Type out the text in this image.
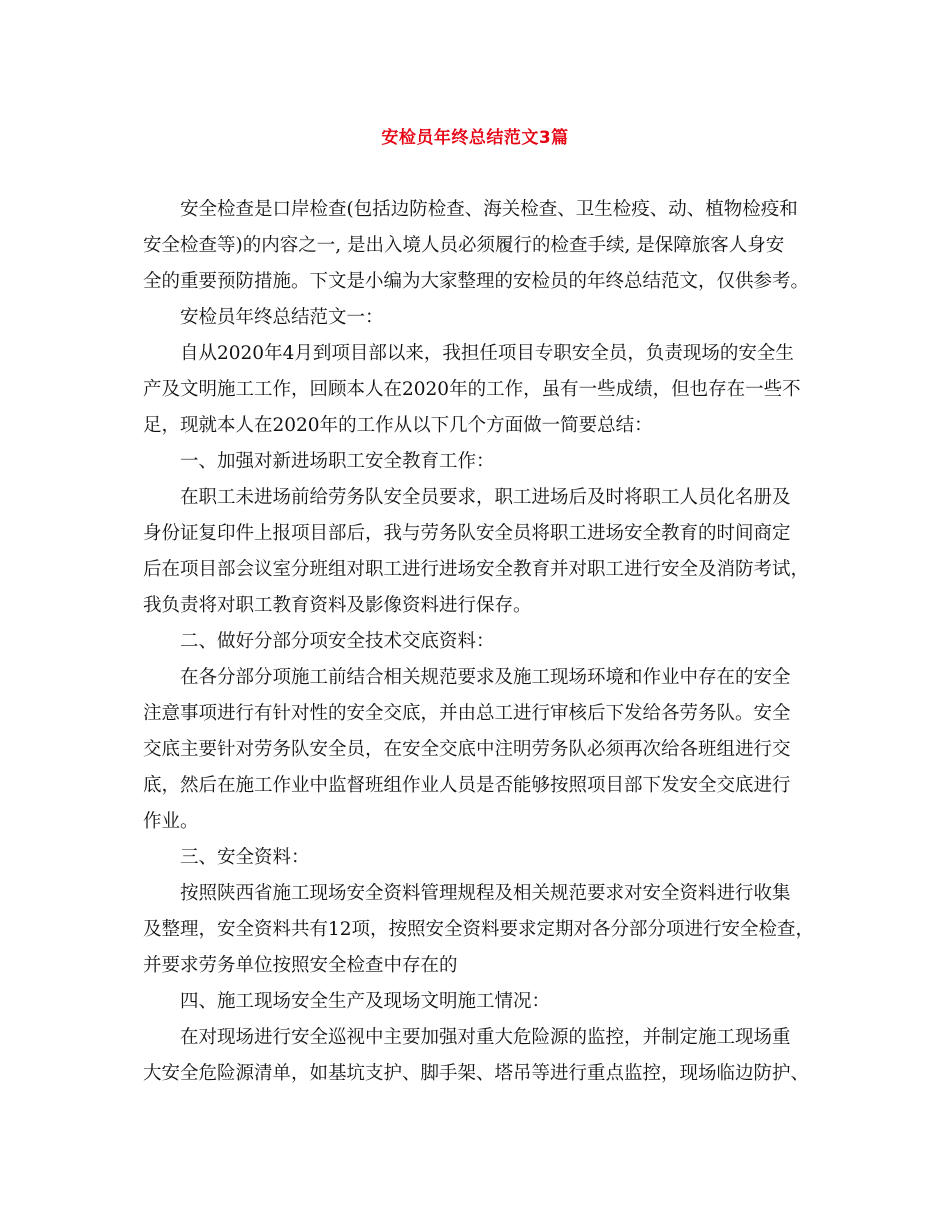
安检员年终总结范文3篇
安全检查是口岸检查(包括边防检查、海关检查、卫生检疫、动、植物检疫和
安全检查等)的内容之一, 是出入境人员必须履行的检查手续, 是保障旅客人身安
全的重要预防措施。下文是小编为大家整理的安检员的年终总结范文，仅供参考。
安检员年终总结范文一：
自从2020年4月到项目部以来，我担任项目专职安全员，负责现场的安全生
产及文明施工工作，回顾本人在2020年的工作，虽有一些成绩，但也存在一些不
足，现就本人在2020年的工作从以下几个方面做一简要总结：
一、加强对新进场职工安全教育工作：
在职工未进场前给劳务队安全员要求，职工进场后及时将职工人员化名册及
身份证复印件上报项目部后，我与劳务队安全员将职工进场安全教育的时间商定
后在项目部会议室分班组对职工进行进场安全教育并对职工进行安全及消防考试，
我负责将对职工教育资料及影像资料进行保存。
二、做好分部分项安全技术交底资料：
在各分部分项施工前结合相关规范要求及施工现场环境和作业中存在的安全
注意事项进行有针对性的安全交底，并由总工进行审核后下发给各劳务队。安全
交底主要针对劳务队安全员，在安全交底中注明劳务队必须再次给各班组进行交
底，然后在施工作业中监督班组作业人员是否能够按照项目部下发安全交底进行
作业。
三、安全资料：
按照陕西省施工现场安全资料管理规程及相关规范要求对安全资料进行收集
及整理，安全资料共有12项，按照安全资料要求定期对各分部分项进行安全检查，
并要求劳务单位按照安全检查中存在的
四、施工现场安全生产及现场文明施工情况：
在对现场进行安全巡视中主要加强对重大危险源的监控，并制定施工现场重
大安全危险源清单，如基坑支护、脚手架、塔吊等进行重点监控，现场临边防护、
